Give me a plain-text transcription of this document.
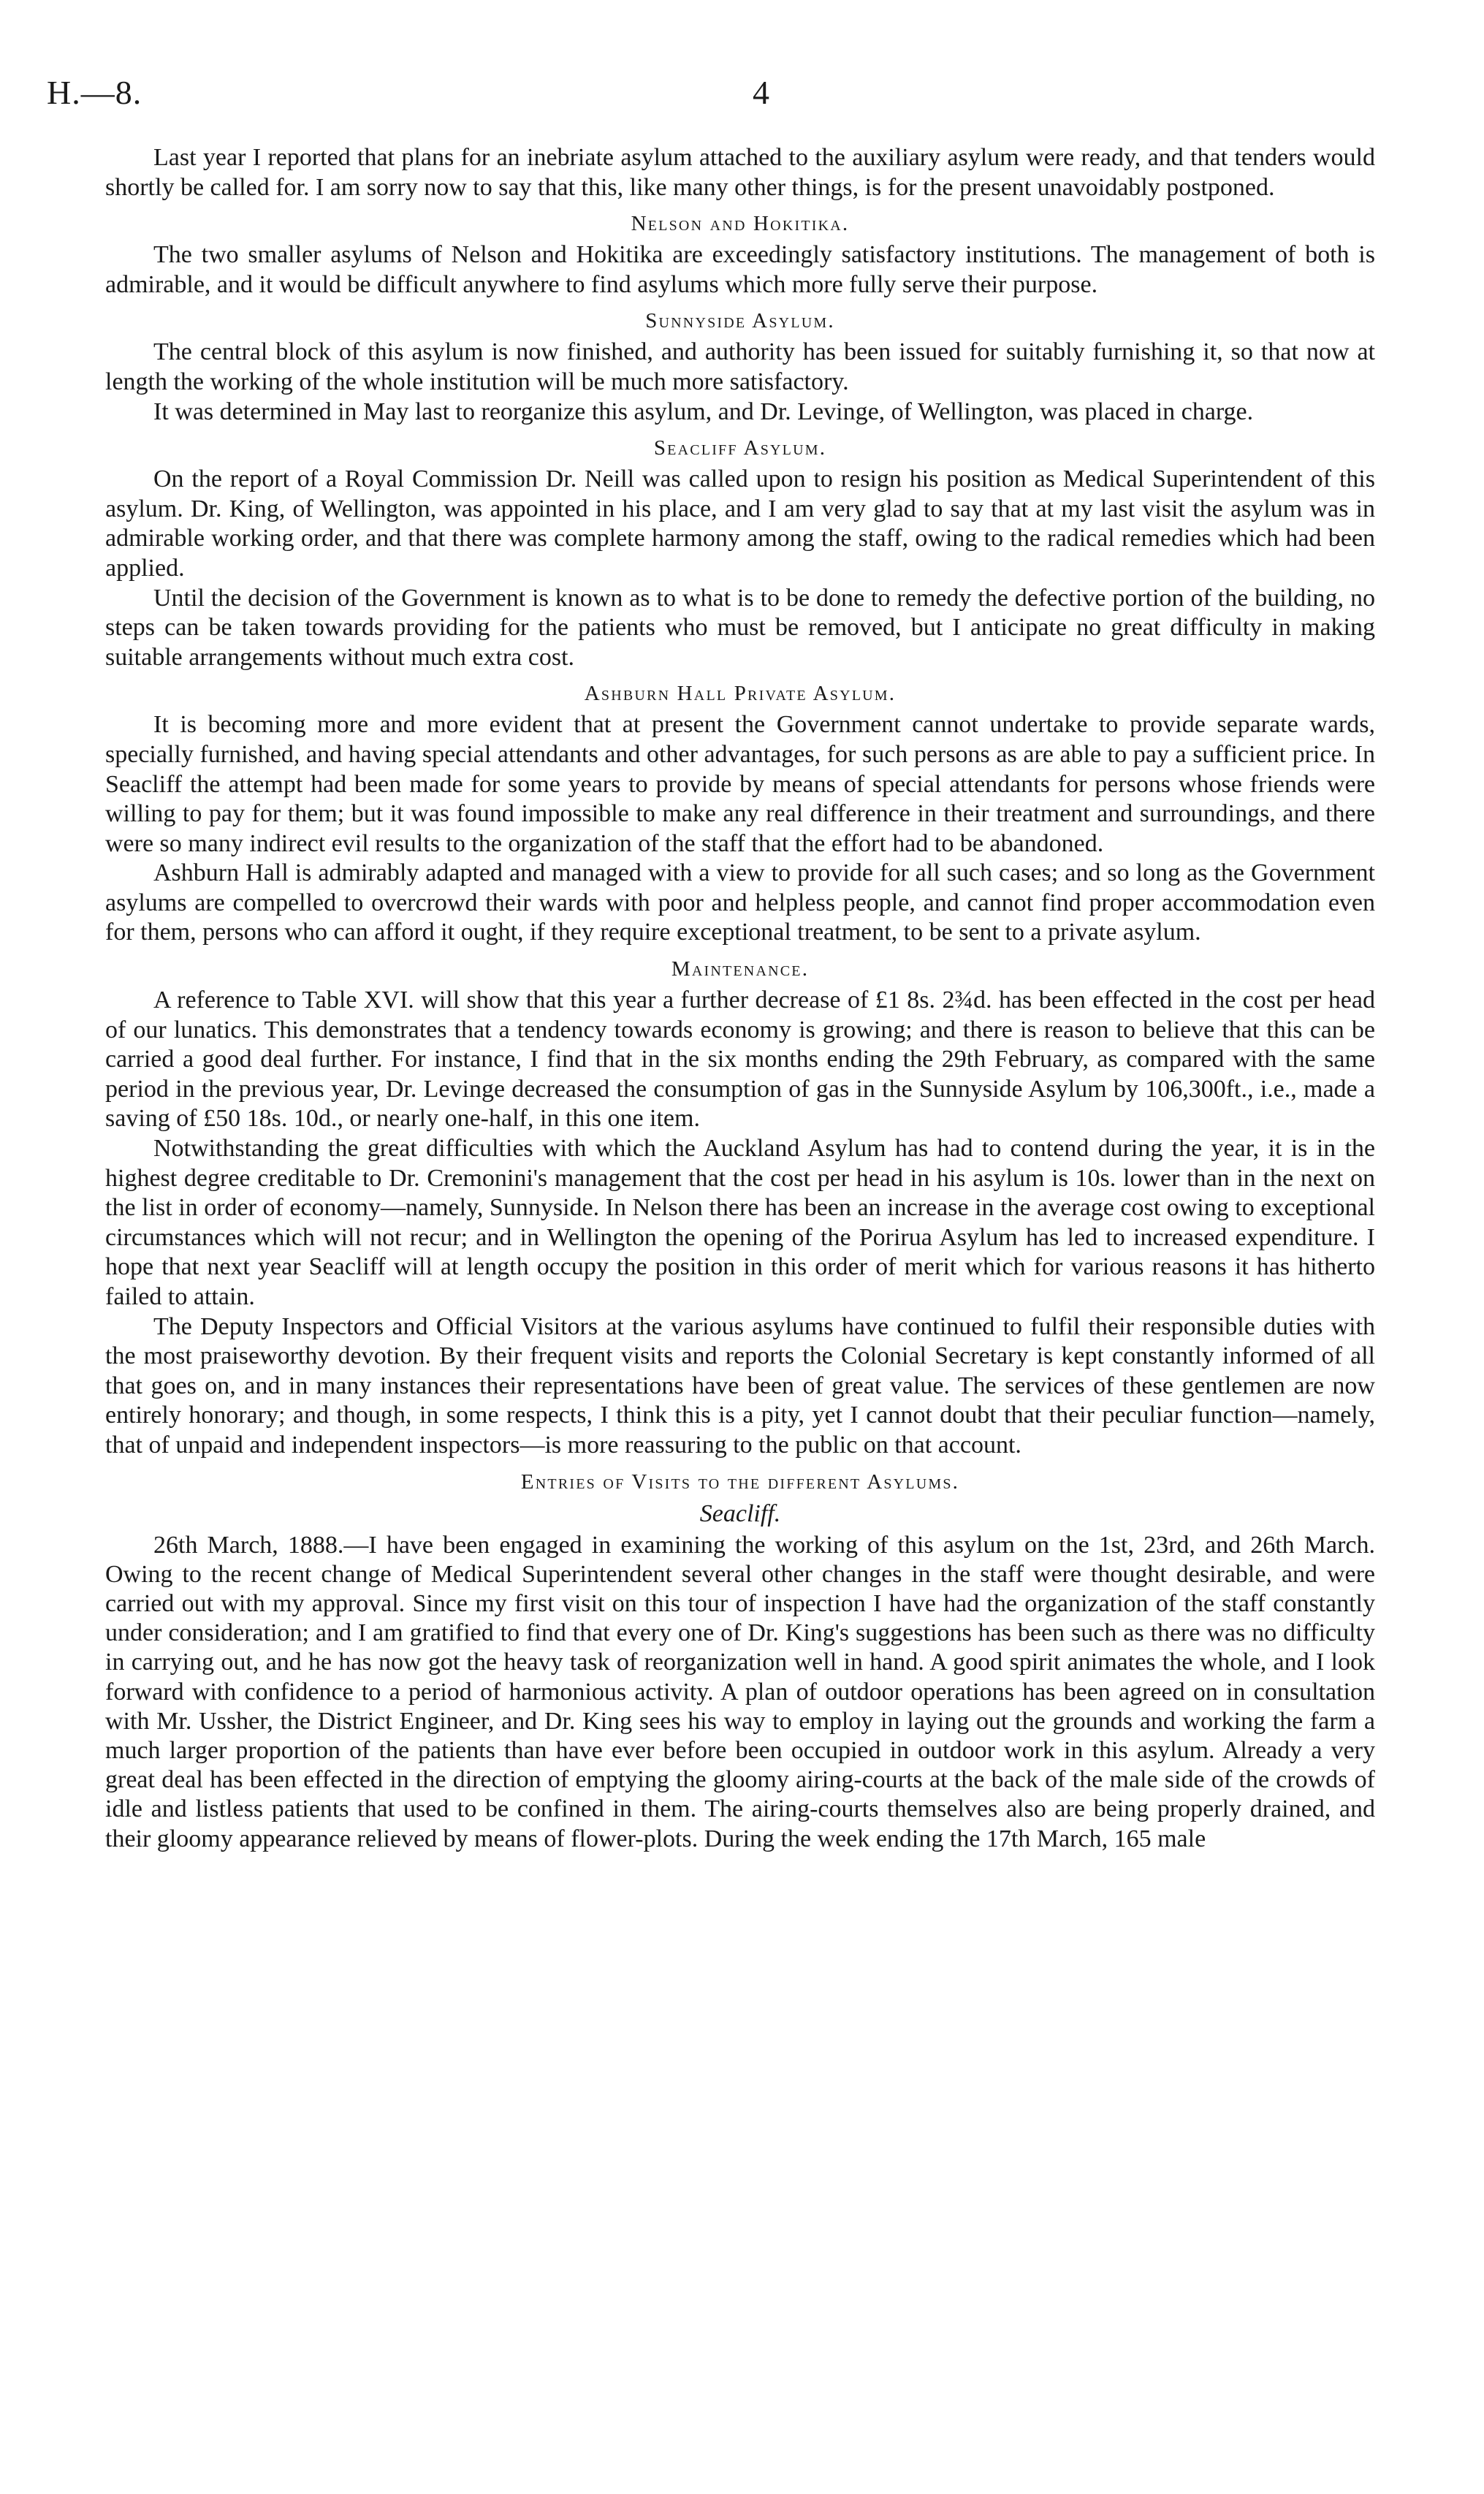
H.—8.	4

Last year I reported that plans for an inebriate asylum attached to the auxiliary asylum were ready, and that tenders would shortly be called for. I am sorry now to say that this, like many other things, is for the present unavoidably postponed.

Nelson and Hokitika.

The two smaller asylums of Nelson and Hokitika are exceedingly satisfactory institutions. The management of both is admirable, and it would be difficult anywhere to find asylums which more fully serve their purpose.

Sunnyside Asylum.

The central block of this asylum is now finished, and authority has been issued for suitably furnishing it, so that now at length the working of the whole institution will be much more satisfactory.

It was determined in May last to reorganize this asylum, and Dr. Levinge, of Wellington, was placed in charge.

Seacliff Asylum.

On the report of a Royal Commission Dr. Neill was called upon to resign his position as Medical Superintendent of this asylum. Dr. King, of Wellington, was appointed in his place, and I am very glad to say that at my last visit the asylum was in admirable working order, and that there was complete harmony among the staff, owing to the radical remedies which had been applied.

Until the decision of the Government is known as to what is to be done to remedy the defective portion of the building, no steps can be taken towards providing for the patients who must be removed, but I anticipate no great difficulty in making suitable arrangements without much extra cost.

Ashburn Hall Private Asylum.

It is becoming more and more evident that at present the Government cannot undertake to provide separate wards, specially furnished, and having special attendants and other advantages, for such persons as are able to pay a sufficient price. In Seacliff the attempt had been made for some years to provide by means of special attendants for persons whose friends were willing to pay for them; but it was found impossible to make any real difference in their treatment and surroundings, and there were so many indirect evil results to the organization of the staff that the effort had to be abandoned.

Ashburn Hall is admirably adapted and managed with a view to provide for all such cases; and so long as the Government asylums are compelled to overcrowd their wards with poor and helpless people, and cannot find proper accommodation even for them, persons who can afford it ought, if they require exceptional treatment, to be sent to a private asylum.

Maintenance.

A reference to Table XVI. will show that this year a further decrease of £1 8s. 2¾d. has been effected in the cost per head of our lunatics. This demonstrates that a tendency towards economy is growing; and there is reason to believe that this can be carried a good deal further. For instance, I find that in the six months ending the 29th February, as compared with the same period in the previous year, Dr. Levinge decreased the consumption of gas in the Sunnyside Asylum by 106,300ft., i.e., made a saving of £50 18s. 10d., or nearly one-half, in this one item.

Notwithstanding the great difficulties with which the Auckland Asylum has had to contend during the year, it is in the highest degree creditable to Dr. Cremonini's management that the cost per head in his asylum is 10s. lower than in the next on the list in order of economy—namely, Sunnyside. In Nelson there has been an increase in the average cost owing to exceptional circumstances which will not recur; and in Wellington the opening of the Porirua Asylum has led to increased expenditure. I hope that next year Seacliff will at length occupy the position in this order of merit which for various reasons it has hitherto failed to attain.

The Deputy Inspectors and Official Visitors at the various asylums have continued to fulfil their responsible duties with the most praiseworthy devotion. By their frequent visits and reports the Colonial Secretary is kept constantly informed of all that goes on, and in many instances their representations have been of great value. The services of these gentlemen are now entirely honorary; and though, in some respects, I think this is a pity, yet I cannot doubt that their peculiar function—namely, that of unpaid and independent inspectors—is more reassuring to the public on that account.

Entries of Visits to the different Asylums.
Seacliff.

26th March, 1888.—I have been engaged in examining the working of this asylum on the 1st, 23rd, and 26th March. Owing to the recent change of Medical Superintendent several other changes in the staff were thought desirable, and were carried out with my approval. Since my first visit on this tour of inspection I have had the organization of the staff constantly under consideration; and I am gratified to find that every one of Dr. King's suggestions has been such as there was no difficulty in carrying out, and he has now got the heavy task of reorganization well in hand. A good spirit animates the whole, and I look forward with confidence to a period of harmonious activity. A plan of outdoor operations has been agreed on in consultation with Mr. Ussher, the District Engineer, and Dr. King sees his way to employ in laying out the grounds and working the farm a much larger proportion of the patients than have ever before been occupied in outdoor work in this asylum. Already a very great deal has been effected in the direction of emptying the gloomy airing-courts at the back of the male side of the crowds of idle and listless patients that used to be confined in them. The airing-courts themselves also are being properly drained, and their gloomy appearance relieved by means of flower-plots. During the week ending the 17th March, 165 male
